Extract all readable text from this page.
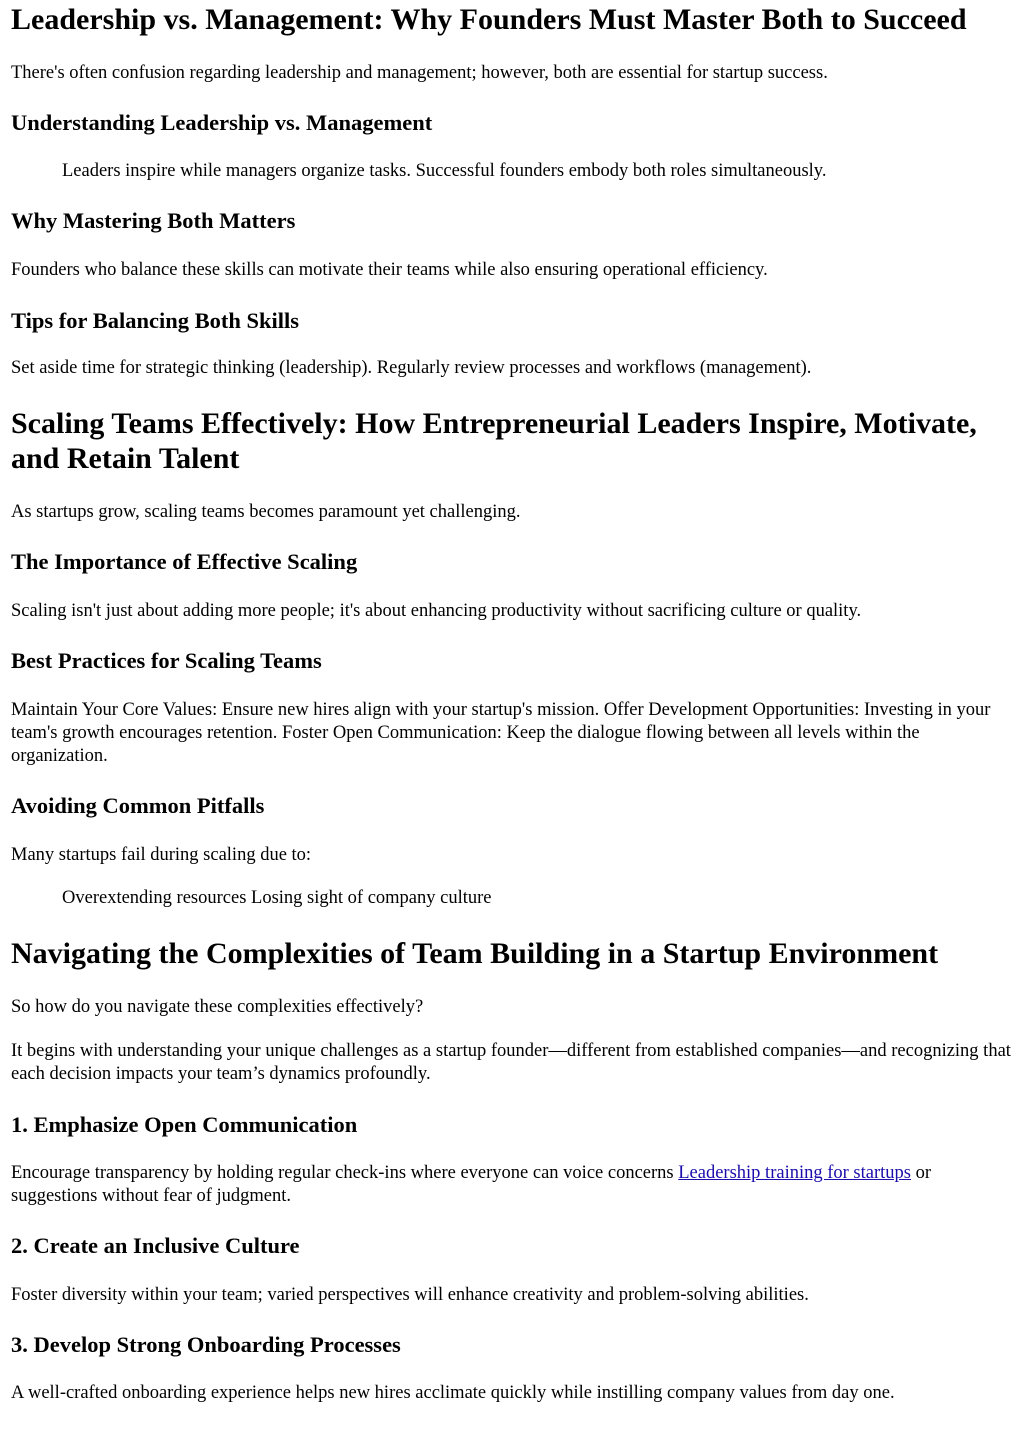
Leadership vs. Management: Why Founders Must Master Both to Succeed

There's often confusion regarding leadership and management; however, both are essential for startup success.

Understanding Leadership vs. Management
Leaders inspire while managers organize tasks. Successful founders embody both roles simultaneously.
Why Mastering Both Matters

Founders who balance these skills can motivate their teams while also ensuring operational efficiency.

Tips for Balancing Both Skills

Set aside time for strategic thinking (leadership). Regularly review processes and workflows (management).

Scaling Teams Effectively: How Entrepreneurial Leaders Inspire, Motivate, and Retain Talent

As startups grow, scaling teams becomes paramount yet challenging.

The Importance of Effective Scaling

Scaling isn't just about adding more people; it's about enhancing productivity without sacrificing culture or quality.

Best Practices for Scaling Teams

Maintain Your Core Values: Ensure new hires align with your startup's mission. Offer Development Opportunities: Investing in your team's growth encourages retention. Foster Open Communication: Keep the dialogue flowing between all levels within the organization.

Avoiding Common Pitfalls

Many startups fail during scaling due to:

Overextending resources Losing sight of company culture
Navigating the Complexities of Team Building in a Startup Environment

So how do you navigate these complexities effectively?

It begins with understanding your unique challenges as a startup founder—different from established companies—and recognizing that each decision impacts your team’s dynamics profoundly.

1. Emphasize Open Communication

Encourage transparency by holding regular check-ins where everyone can voice concerns Leadership training for startups or suggestions without fear of judgment.

2. Create an Inclusive Culture

Foster diversity within your team; varied perspectives will enhance creativity and problem-solving abilities.

3. Develop Strong Onboarding Processes

A well-crafted onboarding experience helps new hires acclimate quickly while instilling company values from day one.
